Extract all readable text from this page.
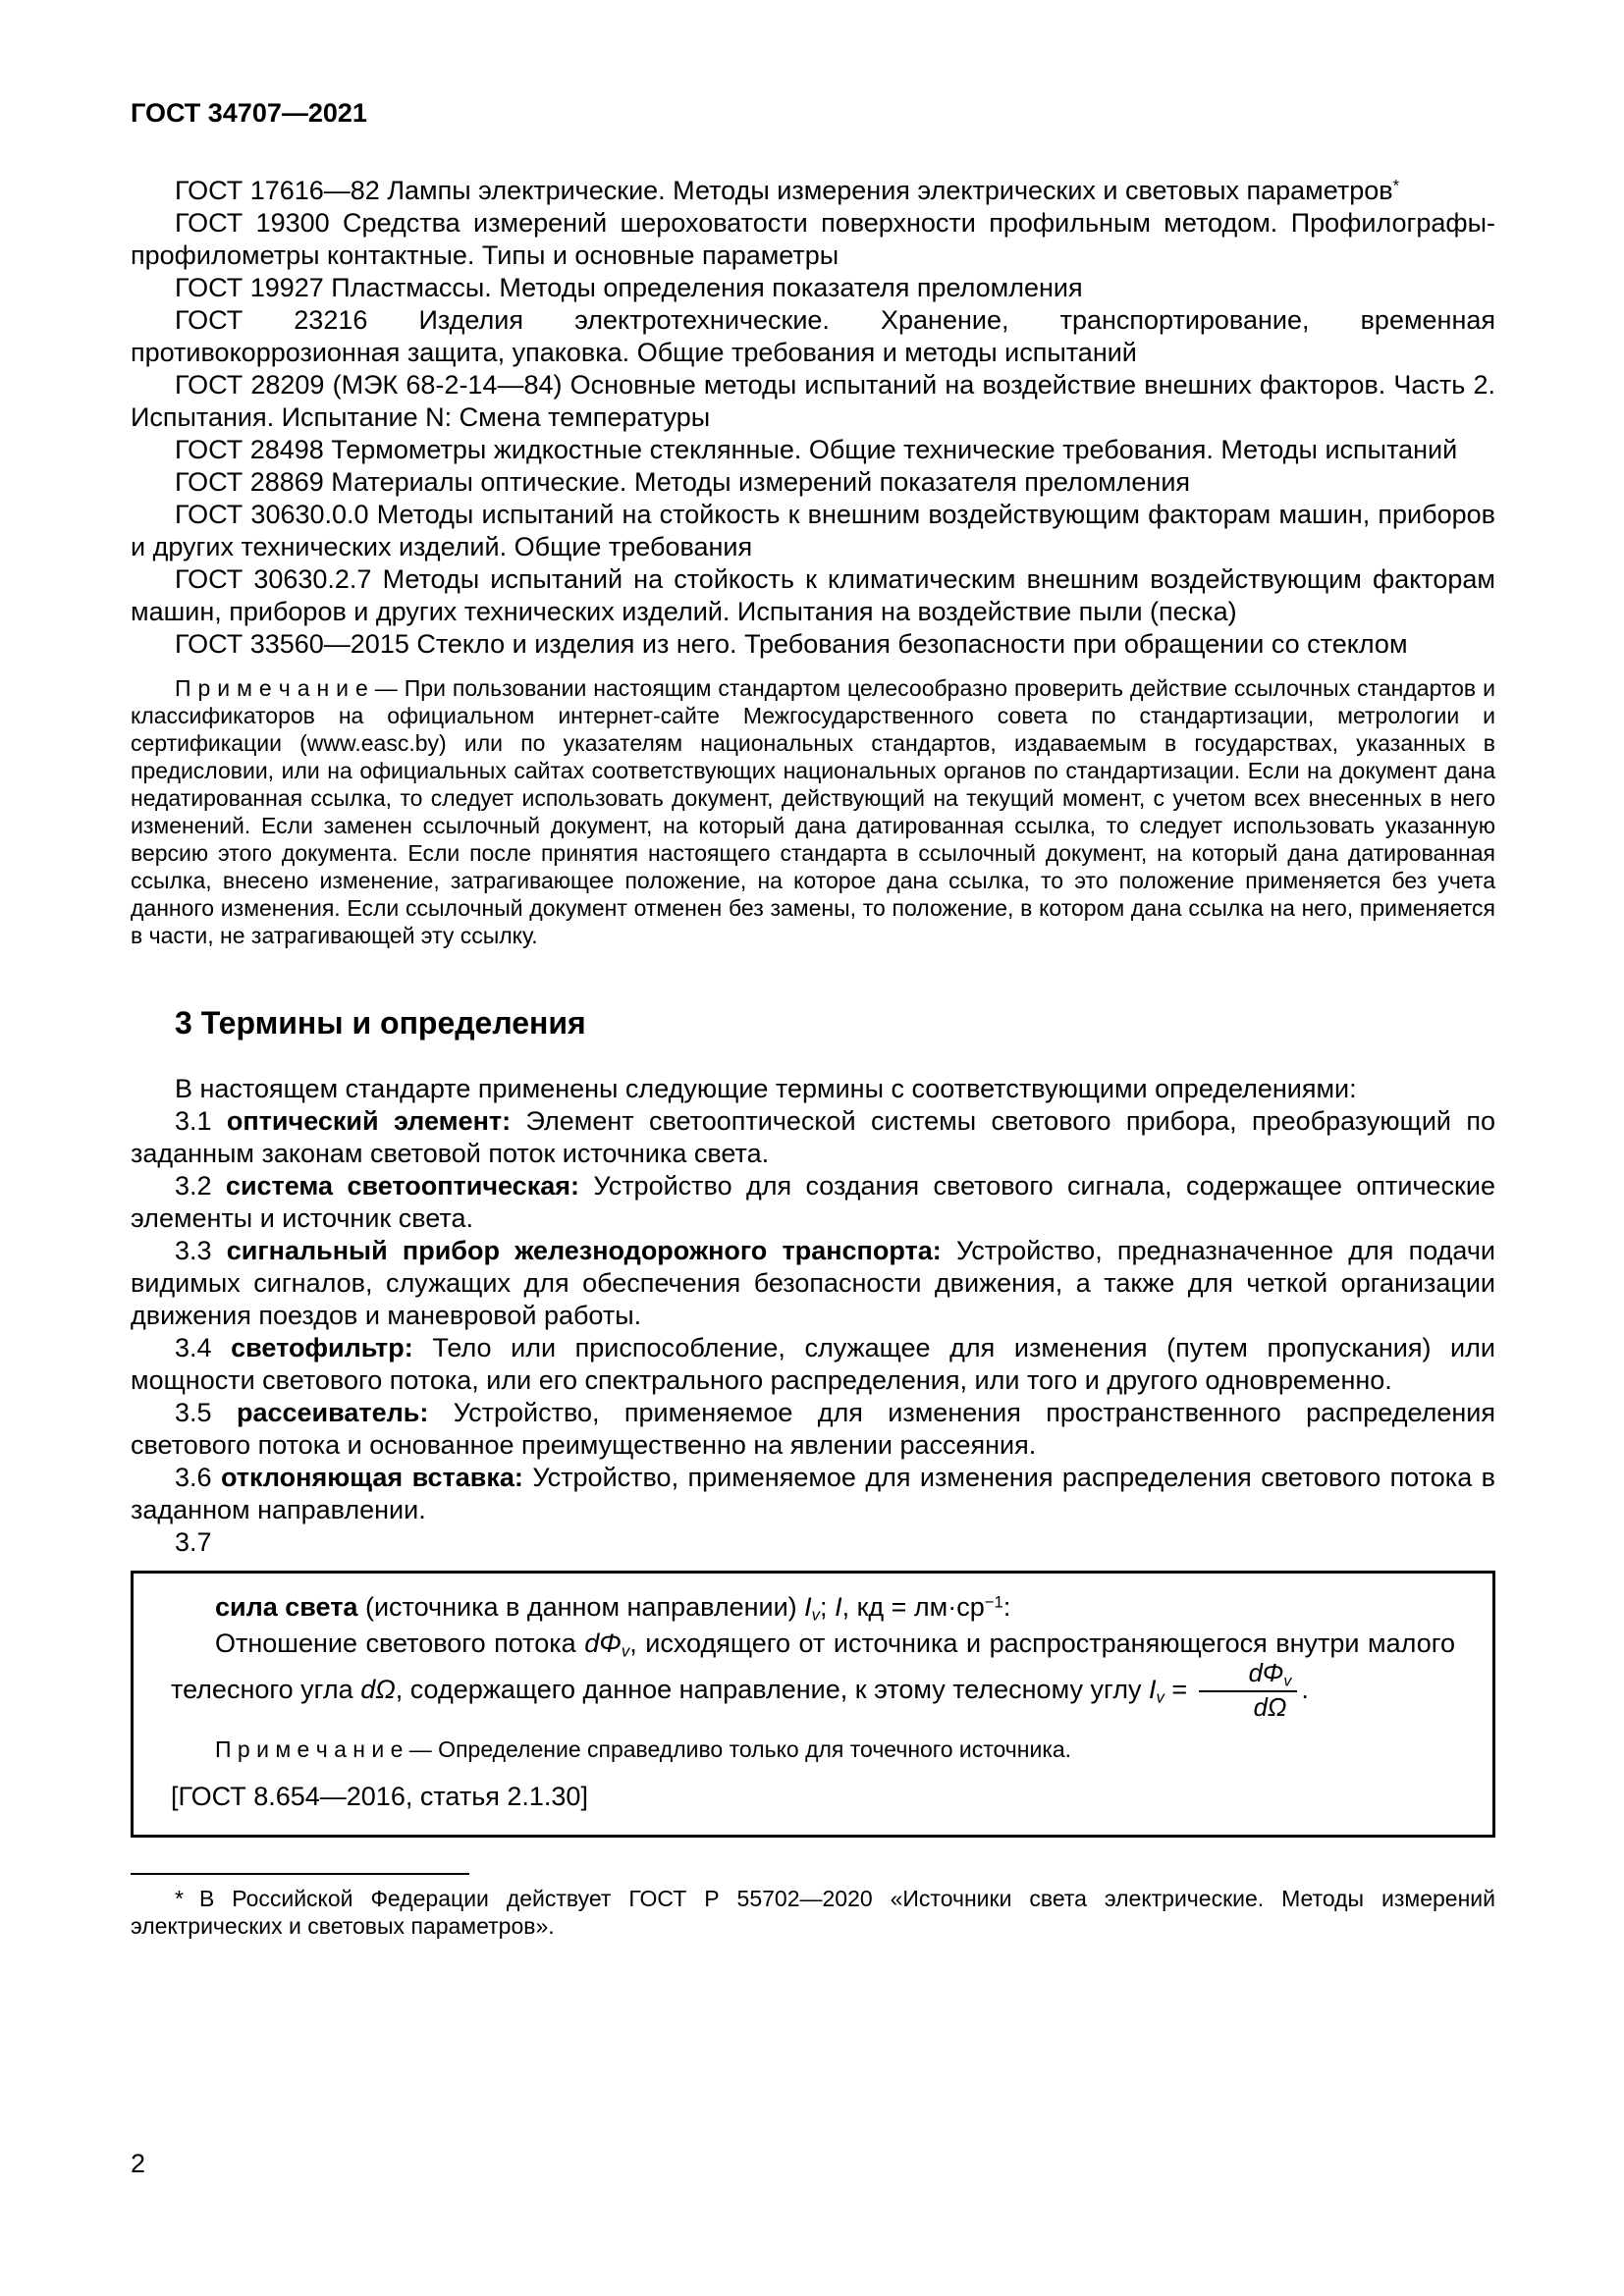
ГОСТ 34707—2021

ГОСТ 17616—82 Лампы электрические. Методы измерения электрических и световых параметров*

ГОСТ 19300 Средства измерений шероховатости поверхности профильным методом. Профилографы-профилометры контактные. Типы и основные параметры

ГОСТ 19927 Пластмассы. Методы определения показателя преломления

ГОСТ 23216 Изделия электротехнические. Хранение, транспортирование, временная противокоррозионная защита, упаковка. Общие требования и методы испытаний

ГОСТ 28209 (МЭК 68-2-14—84) Основные методы испытаний на воздействие внешних факторов. Часть 2. Испытания. Испытание N: Смена температуры

ГОСТ 28498 Термометры жидкостные стеклянные. Общие технические требования. Методы испытаний

ГОСТ 28869 Материалы оптические. Методы измерений показателя преломления

ГОСТ 30630.0.0 Методы испытаний на стойкость к внешним воздействующим факторам машин, приборов и других технических изделий. Общие требования

ГОСТ 30630.2.7 Методы испытаний на стойкость к климатическим внешним воздействующим факторам машин, приборов и других технических изделий. Испытания на воздействие пыли (песка)

ГОСТ 33560—2015 Стекло и изделия из него. Требования безопасности при обращении со стеклом

П р и м е ч а н и е — При пользовании настоящим стандартом целесообразно проверить действие ссылочных стандартов и классификаторов на официальном интернет-сайте Межгосударственного совета по стандартизации, метрологии и сертификации (www.easc.by) или по указателям национальных стандартов, издаваемым в государствах, указанных в предисловии, или на официальных сайтах соответствующих национальных органов по стандартизации. Если на документ дана недатированная ссылка, то следует использовать документ, действующий на текущий момент, с учетом всех внесенных в него изменений. Если заменен ссылочный документ, на который дана датированная ссылка, то следует использовать указанную версию этого документа. Если после принятия настоящего стандарта в ссылочный документ, на который дана датированная ссылка, внесено изменение, затрагивающее положение, на которое дана ссылка, то это положение применяется без учета данного изменения. Если ссылочный документ отменен без замены, то положение, в котором дана ссылка на него, применяется в части, не затрагивающей эту ссылку.

3 Термины и определения

В настоящем стандарте применены следующие термины с соответствующими определениями:

3.1 оптический элемент: Элемент светооптической системы светового прибора, преобразующий по заданным законам световой поток источника света.

3.2 система светооптическая: Устройство для создания светового сигнала, содержащее оптические элементы и источник света.

3.3 сигнальный прибор железнодорожного транспорта: Устройство, предназначенное для подачи видимых сигналов, служащих для обеспечения безопасности движения, а также для четкой организации движения поездов и маневровой работы.

3.4 светофильтр: Тело или приспособление, служащее для изменения (путем пропускания) или мощности светового потока, или его спектрального распределения, или того и другого одновременно.

3.5 рассеиватель: Устройство, применяемое для изменения пространственного распределения светового потока и основанное преимущественно на явлении рассеяния.

3.6 отклоняющая вставка: Устройство, применяемое для изменения распределения светового потока в заданном направлении.

3.7

сила света (источника в данном направлении) $I_v$; I, кд = $лм\cdot ср^{-1}$:

Отношение светового потока $d\Phi_v$, исходящего от источника и распространяющегося внутри малого телесного угла dΩ, содержащего данное направление, к этому телесному углу $I_v = \frac{d\Phi_v}{d\Omega}$ .

П р и м е ч а н и е — Определение справедливо только для точечного источника.

[ГОСТ 8.654—2016, статья 2.1.30]

* В Российской Федерации действует ГОСТ Р 55702—2020 «Источники света электрические. Методы измерений электрических и световых параметров».

2
